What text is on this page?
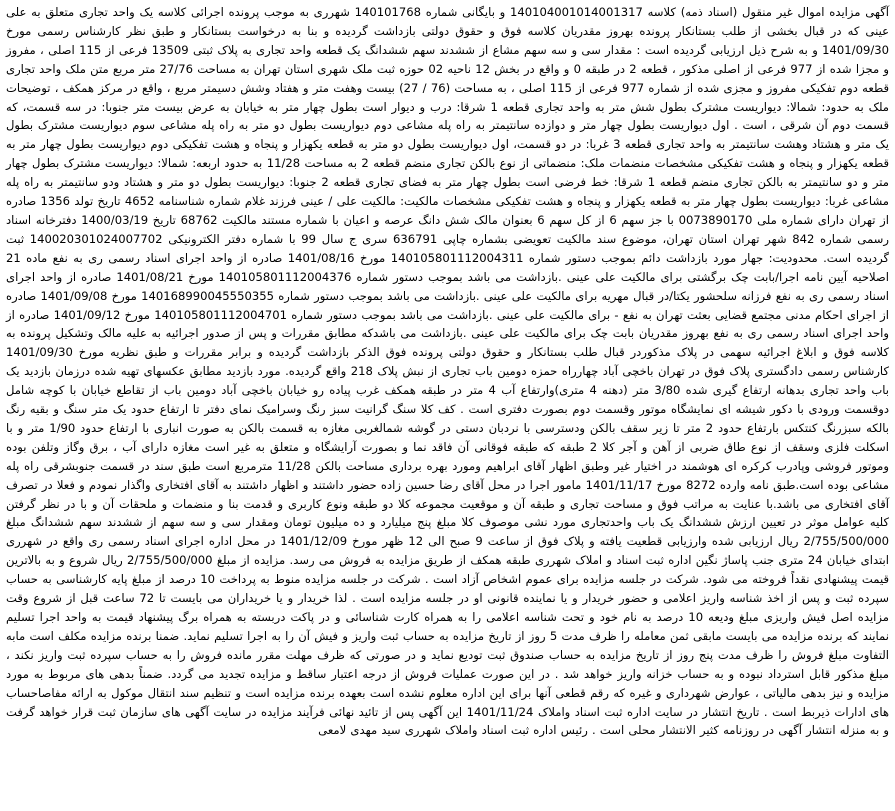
آگهی مزایده اموال غیر منقول (اسناد ذمه) کلاسه 140104001014001317 و بایگانی شماره 140101768 شهرری به موجب پرونده اجرائی کلاسه یک واحد تجاری متعلق به علی عینی که در قبال بخشی از طلب بستانکار پرونده بهروز مقدریان کلاسه فوق و حقوق دولتی بازداشت گردیده و بنا به درخواست بستانکار و طبق نظر کارشناس رسمی مورخ 1401/09/30 و به شرح ذیل ارزیابی گردیده است : مقدار سی و سه سهم مشاع از ششدند سهم ششدانگ یک قطعه واحد تجاری به پلاک ثبتی 13509 فرعی از 115 اصلی ، مفروز و مجزا شده از 977 فرعی از اصلی مذکور ، قطعه 2 در طبقه 0 و واقع در بخش 12 ناحیه 02 حوزه ثبت ملک شهری استان تهران به مساحت 27/76 متر مربع متن ملک واحد تجاری قطعه دوم تفکیکی مفروز و مجزی شده از شماره 977 فرعی از 115 اصلی ، به مساحت (76 / 27) بیست وهفت متر و هفتاد وشش دسیمتر مربع ، واقع در مرکز همکف ، توضیحات ملک به حدود: شمالا: دیواریست مشترک بطول شش متر به واحد تجاری قطعه 1 شرقا: درب و دیوار است بطول چهار متر به خیابان به عرض بیست متر جنوبا: در سه قسمت، که قسمت دوم آن شرقی ، است . اول دیواریست بطول چهار متر و دوازده سانتیمتر به راه پله مشاعی دوم دیواریست بطول دو متر به راه پله مشاعی سوم دیواریست مشترک بطول یک متر و هشتاد وهشت سانتیمتر به واحد تجاری قطعه 3 غربا: در دو قسمت، اول دیواریست بطول دو متر به قطعه یکهزار و پنجاه و هشت تفکیکی دوم دیواریست بطول چهار متر به قطعه یکهزار و پنجاه و هشت تفکیکی مشخصات منضمات ملک: منضماتی از نوع بالکن تجاری منضم قطعه 2 به مساحت 11/28 به حدود اربعه: شمالا: دیواریست مشترک بطول چهار متر و دو سانتیمتر به بالکن تجاری منضم قطعه 1 شرقا: خط فرضی است بطول چهار متر به فضای تجاری قطعه 2 جنوبا: دیواریست بطول دو متر و هشتاد ودو سانتیمتر به راه پله مشاعی غربا: دیواریست بطول چهار متر به قطعه یکهزار و پنجاه و هشت تفکیکی مشخصات مالکیت: مالکیت علی / عینی فرزند غلام شماره شناسنامه 4652 تاریخ تولد 1356 صادره از تهران دارای شماره ملی 0073890170 با جز سهم 6 از کل سهم 6 بعنوان مالک شش دانگ عرصه و اعیان با شماره مستند مالکیت 68762 تاریخ 1400/03/19 دفترخانه اسناد رسمی شماره 842 شهر تهران استان تهران، موضوع سند مالکیت تعویضی بشماره چاپی 636791 سری ج سال 99 با شماره دفتر الکترونیکی 140020301024007702 ثبت گردیده است. محدودیت: جهار مورد بازداشت دائم بموجب دستور شماره 140105801112004311 مورخ 1401/08/16 صادره از واحد اجرای اسناد رسمی ری به نفع ماده 21 اصلاحیه آیین نامه اجرا/بابت چک برگشتی برای مالکیت علی عینی .بازداشت می باشد بموجب دستور شماره 140105801112004376 مورخ 1401/08/21 صادره از واحد اجرای اسناد رسمی ری به نفع فرزانه سلحشور یکتا/در قبال مهریه برای مالکیت علی عینی .بازداشت می باشد بموجب دستور شماره 140168990045550355 مورخ 1401/09/08 صادره از اجرای احکام مدنی مجتمع قضایی بعثت تهران به نفع - برای مالکیت علی عینی .بازداشت می باشد بموجب دستور شماره 140105801112004701 مورخ 1401/09/12 صادره از واحد اجرای اسناد رسمی ری به نفع بهروز مقدریان بابت چک برای مالکیت علی عینی .بازداشت می باشدکه مطابق مقررات و پس از صدور اجرائیه به علیه مالک وتشکیل پرونده به کلاسه فوق و ابلاغ اجرائیه سهمی در پلاک مذکوردر قبال طلب بستانکار و حقوق دولتی پرونده فوق الذکر بازداشت گردیده و برابر مقررات و طبق نظریه مورخ 1401/09/30 کارشناس رسمی دادگستری پلاک فوق در تهران باخچی آباد چهارراه حمزه دومین باب تجاری از نبش پلاک 218 واقع گردیده. مورد بازدید مطابق عکسهای تهیه شده درزمان بازدید یک باب واحد تجاری بدهانه ارتفاع گیری شده 3/80 متر (دهنه 4 متری)وارتفاع آب 4 متر در طبقه همکف غرب پیاده رو خیابان باخچی آباد دومین باب از تقاطع خیابان با کوچه شامل دوقسمت ورودی با دکور شیشه ای نمایشگاه موتور وقسمت دوم بصورت دفتری است . کف کلا سنگ گرانیت سبز رنگ وسرامیک نمای دفتر تا ارتفاع حدود یک متر سنگ و بقیه رنگ بالکه سبزرنگ کنتکس بارتفاع حدود 2 متر تا زیر سقف بالکن ودسترسی با نردبان دستی در گوشه شمالغربی مغازه به قسمت بالکن به صورت انباری با ارتفاع حدود 1/90 متر و با اسکلت فلزی وسقف از نوع طاق ضربی از آهن و آجر کلا 2 طبقه که طبقه فوقانی آن فاقد نما و بصورت آرایشگاه و متعلق به غیر است مغازه دارای آب ، برق وگاز وتلفن بوده وموتور فروشی وپادرب کرکره ای هوشمند در اختیار غیر وطبق اظهار آقای ابراهیم ومورد بهره برداری مساحت بالکن 11/28 مترمربع است طبق سند در قسمت جنوبشرقی راه پله مشاعی بوده است.طبق نامه وارده 8272 مورخ 1401/11/17 مامور اجرا در محل آقای رضا حسین زاده حضور داشتند و اظهار داشتند به آقای افتخاری واگذار نمودم و فعلا در تصرف آقای افتخاری می باشد.با عنایت به مراتب فوق و مساحت تجاری و طبقه آن و موقعیت مجموعه کلا دو طبقه ونوع کاربری و قدمت بنا و منضمات و ملحقات آن و با در نظر گرفتن کلیه عوامل موثر در تعیین ارزش ششدانگ یک باب واحدتجاری مورد نشی موصوف کلا مبلغ پنج میلیارد و ده میلیون تومان ومقدار سی و سه سهم از ششدند سهم ششدانگ مبلغ 2/755/500/000 ریال ارزیابی شده وارزیابی قطعیت یافته و پلاک فوق از ساعت 9 صبح الی 12 ظهر مورخ 1401/12/09 در محل اداره اجرای اسناد رسمی ری واقع در شهرری ابتدای خیابان 24 متری جنب پاساژ نگین اداره ثبت اسناد و املاک شهرری طبقه همکف از طریق مزایده به فروش می رسد. مزایده از مبلغ 2/755/500/000 ریال شروع و به بالاترین قیمت پیشنهادی نقداً فروخته می شود. شرکت در جلسه مزایده برای عموم اشخاص آزاد است . شرکت در جلسه مزایده منوط به پرداخت 10 درصد از مبلغ پایه کارشناسی به حساب سپرده ثبت و پس از اخذ شناسه واریز اعلامی و حضور خریدار و یا نماینده قانونی او در جلسه مزایده است . لذا خریدار و یا خریداران می بایست تا 72 ساعت قبل از شروع وقت مزایده اصل فیش واریزی مبلغ ودیعه 10 درصد به نام خود و تحت شناسه اعلامی را به همراه کارت شناسائی و در پاکت دربسته به همراه برگ پیشنهاد قیمت به واحد اجرا تسلیم نمایند که برنده مزایده می بایست مابقی ثمن معامله را ظرف مدت 5 روز از تاریخ مزایده به حساب ثبت واریز و فیش آن را به اجرا تسلیم نماید. ضمنا برنده مزایده مکلف است مابه التفاوت مبلغ فروش را ظرف مدت پنج روز از تاریخ مزایده به حساب صندوق ثبت تودیع نماید و در صورتی که ظرف مهلت مقرر مانده فروش را به حساب سپرده ثبت واریز نکند ، مبلغ مذکور قابل استرداد نبوده و به حساب خزانه واریز خواهد شد . در این صورت عملیات فروش از درجه اعتبار ساقط و مزایده تجدید می گردد. ضمناً بدهی های مربوط به مورد مزایده و نیز بدهی مالیاتی ، عوارض شهرداری و غیره که رقم قطعی آنها برای این اداره معلوم نشده است بعهده برنده مزایده است و تنظیم سند انتقال موکول به ارائه مفاصاحساب های ادارات ذیربط است . تاریخ انتشار در سایت اداره ثبت اسناد واملاک 1401/11/24 این آگهی پس از تائید نهائی فرآیند مزایده در سایت آگهی های سازمان ثبت قرار خواهد گرفت و به منزله انتشار آگهی در روزنامه کثیر الانتشار محلی است . رئیس اداره ثبت اسناد واملاک شهرری سید مهدی لامعی
